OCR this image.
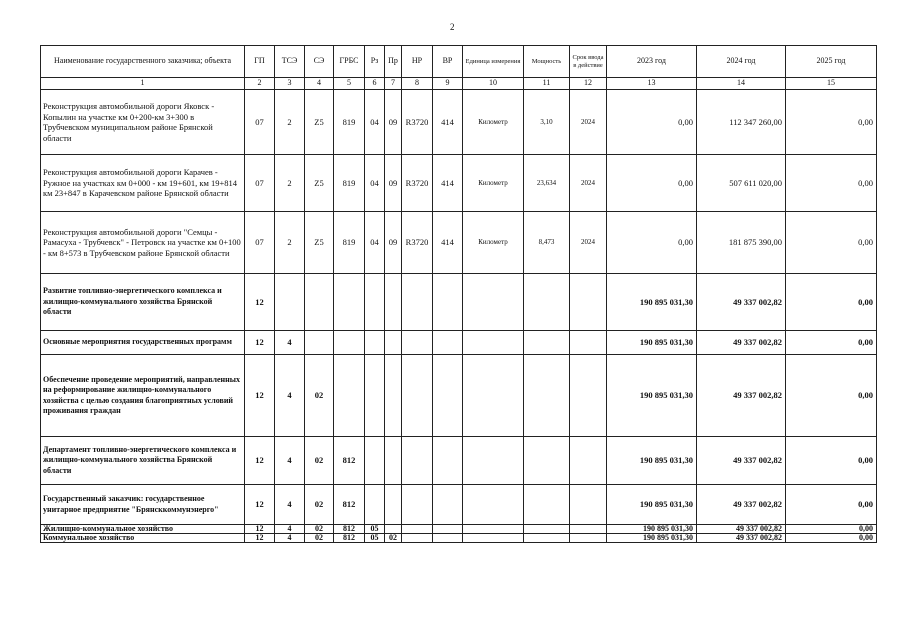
2
Наименование государственного заказчика; объекта	ГП	ТСЭ	СЭ	ГРБС	Рз	Пр	НР	ВР	Единица измерения	Мощность	Срок ввода в действие	2023 год	2024 год	2025 год
1	2	3	4	5	6	7	8	9	10	11	12	13	14	15
Реконструкция автомобильной дороги Яковск - Копылин на участке км 0+200-км 3+300 в Трубчевском муниципальном районе Брянской области	07	2	Z5	819	04	09	R3720	414	Километр	3,10	2024	0,00	112 347 260,00	0,00
Реконструкция автомобильной дороги Карачев - Ружное на участках км 0+000 - км 19+601, км 19+814 км 23+847 в Карачевском районе Брянской области	07	2	Z5	819	04	09	R3720	414	Километр	23,634	2024	0,00	507 611 020,00	0,00
Реконструкция автомобильной дороги "Семцы - Рамасуха - Трубчевск" - Петровск на участке км 0+100 - км 8+573 в Трубчевском районе Брянской области	07	2	Z5	819	04	09	R3720	414	Километр	8,473	2024	0,00	181 875 390,00	0,00
Развитие топливно-энергетического комплекса и жилищно-коммунального хозяйства Брянской области	12											190 895 031,30	49 337 002,82	0,00
Основные мероприятия государственных программ	12	4										190 895 031,30	49 337 002,82	0,00
Обеспечение проведение мероприятий, направленных на реформирование жилищно-коммунального хозяйства с целью создания благоприятных условий проживания граждан	12	4	02									190 895 031,30	49 337 002,82	0,00
Департамент топливно-энергетического комплекса и жилищно-коммунального хозяйства Брянской области	12	4	02	812								190 895 031,30	49 337 002,82	0,00
Государственный заказчик: государственное унитарное предприятие "Брянсккоммунэнерго"	12	4	02	812								190 895 031,30	49 337 002,82	0,00
Жилищно-коммунальное хозяйство	12	4	02	812	05							190 895 031,30	49 337 002,82	0,00
Коммунальное хозяйство	12	4	02	812	05	02						190 895 031,30	49 337 002,82	0,00
